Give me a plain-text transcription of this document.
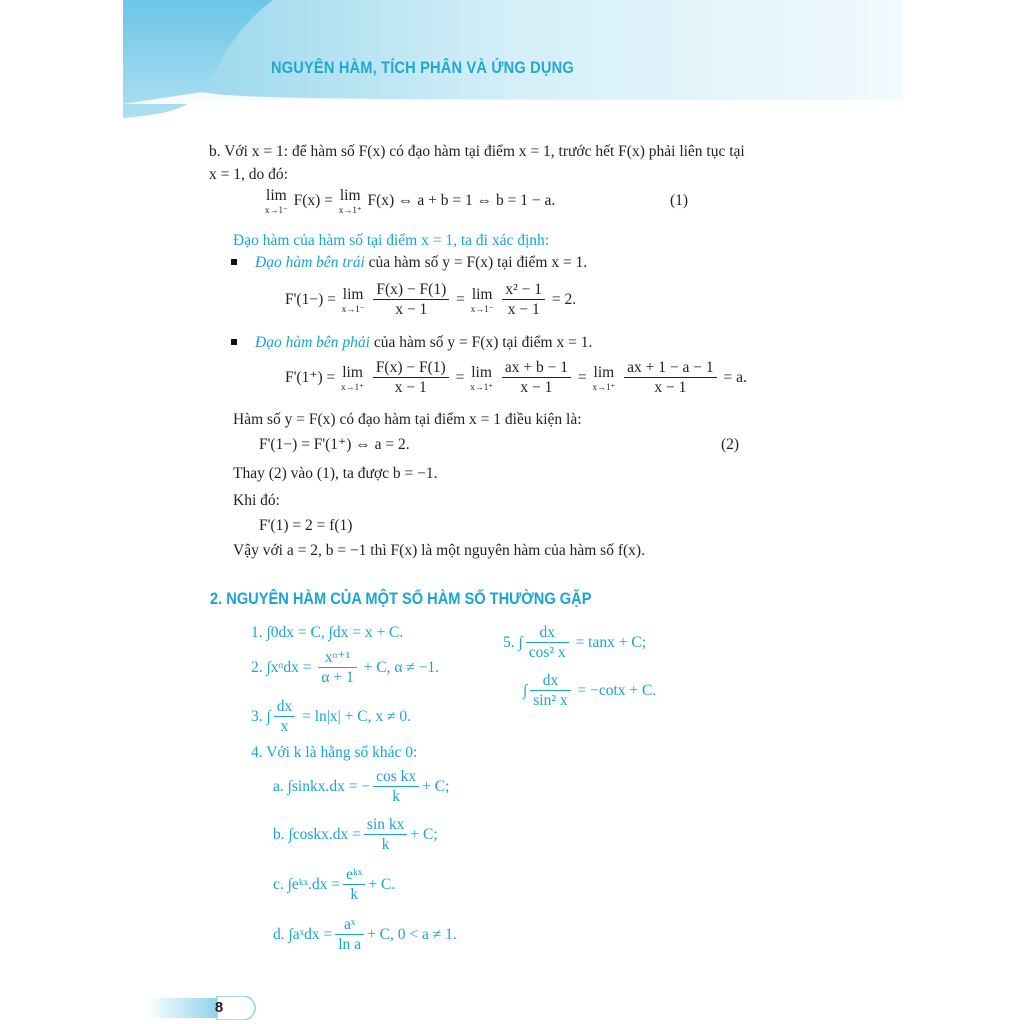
NGUYÊN HÀM, TÍCH PHÂN VÀ ỨNG DỤNG
b. Với x = 1: để hàm số F(x) có đạo hàm tại điểm x = 1, trước hết F(x) phải liên tục tại
x = 1, do đó:
lim
x→1⁻
F(x) = lim
x→1⁺
F(x) ⇔ a + b = 1 ⇔ b = 1 − a.	(1)
Đạo hàm của hàm số tại điểm x = 1, ta đi xác định:
Đạo hàm bên trái của hàm số y = F(x) tại điểm x = 1.
F'(1−) = lim
x→1⁻
$\frac{F(x) - F(1)}{x - 1} = \lim$
x→1⁻
$\frac{\text{x² − 1}}{x - 1} = 2$.
Đạo hàm bên phải của hàm số y = F(x) tại điểm x = 1.
F'(1⁺) = lim
x→1⁺
$\frac{F(x) - F(1)}{x - 1} = \lim$
x→1⁺
$\frac{ax + b - 1}{x - 1} = \lim$
x→1⁺
$\frac{ax + 1 - a - 1}{x - 1} = a$.
Hàm số y = F(x) có đạo hàm tại điểm x = 1 điều kiện là:
F'(1−) = F'(1⁺) ⇔ a = 2.	(2)
Thay (2) vào (1), ta được b = −1.
Khi đó:
F'(1) = 2 = f(1)
Vậy với a = 2, b = −1 thì F(x) là một nguyên hàm của hàm số f(x).
2. NGUYÊN HÀM CỦA MỘT SỐ HÀM SỐ THƯỜNG GẶP
1. ∫0dx = C, ∫dx = x + C.
2. ∫xᵅdx = $\frac{\text{xᵅ⁺¹}}{\alpha + 1} + C$, α ≠ −1.
3. ∫ $\frac{dx}{x} = \ln|x| + C$, x ≠ 0.
4. Với k là hằng số khác 0:
a. ∫sinkx.dx = − $\frac{\text{cos kx}}{k} + C$;
b. ∫coskx.dx = $\frac{\text{sin kx}}{k} + C$;
c. ∫eᵏˣ.dx = $\frac{\text{eᵏˣ}}{k} + C$.
d. ∫aˣdx = $\frac{\text{aˣ}}{\text{ln a}} + C$, 0 < a ≠ 1.
5. ∫ $\frac{dx}{\text{cos² x}} = \tan x + C$;
∫ $\frac{dx}{\text{sin² x}} = -\cot x + C$.
8
